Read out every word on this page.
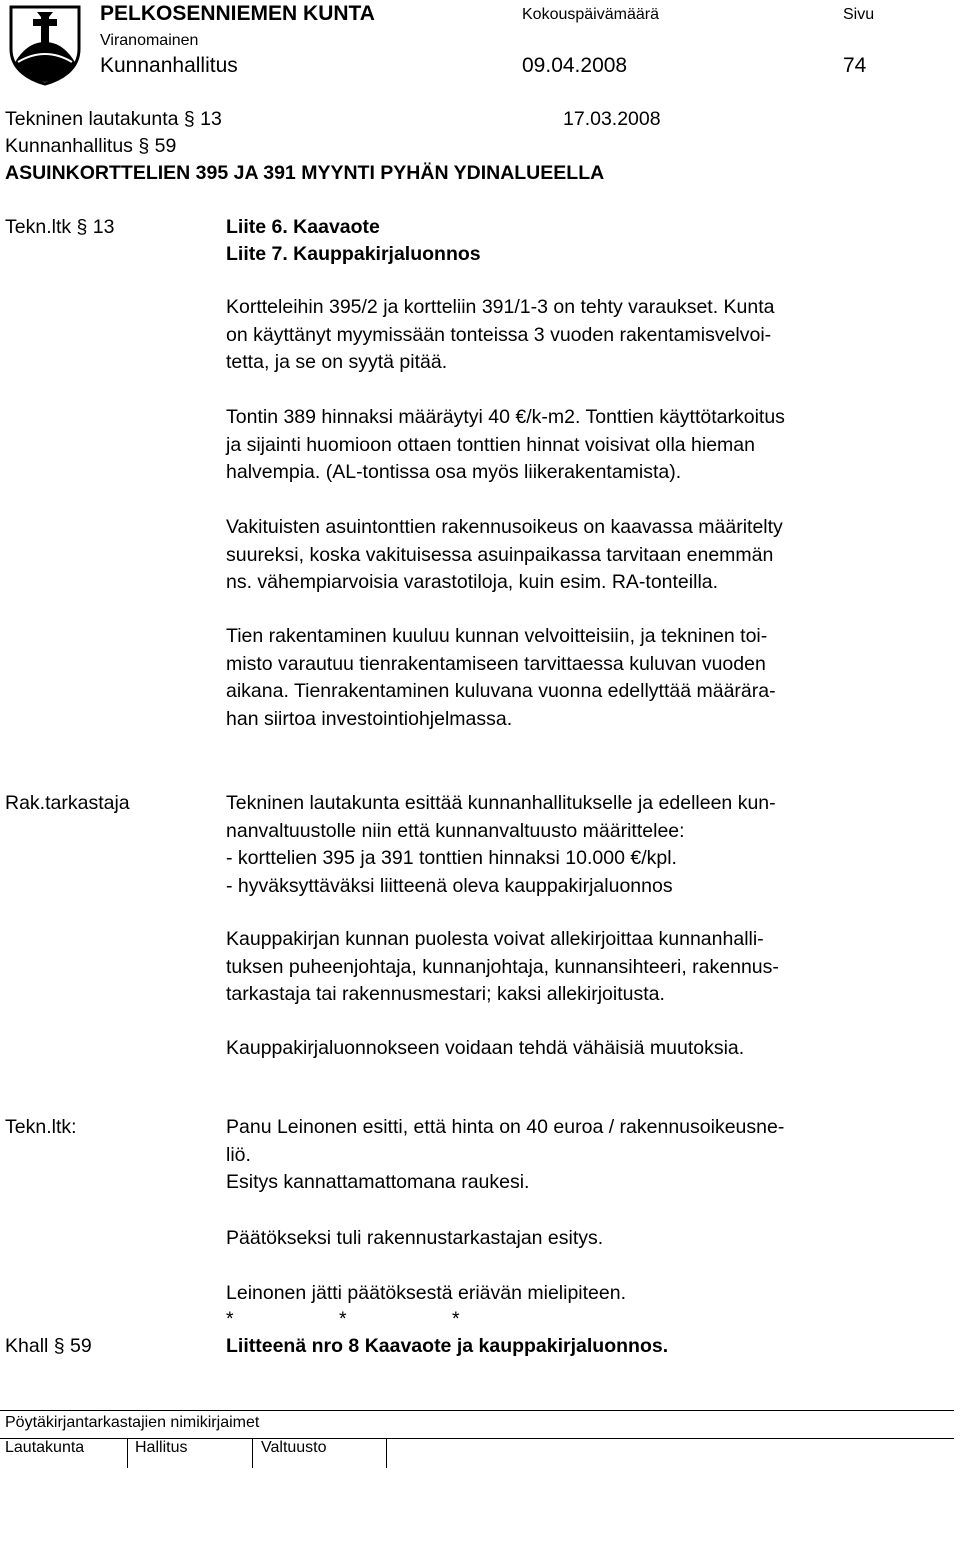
PELKOSENNIEMEN KUNTA
Viranomainen
Kunnanhallitus
Kokouspäivämäärä
09.04.2008
Sivu
74
Tekninen lautakunta § 13	17.03.2008
Kunnanhallitus § 59
ASUINKORTTELIEN 395 JA 391 MYYNTI PYHÄN YDINALUEELLA
Tekn.ltk § 13	Liite 6. Kaavaote
Liite 7. Kauppakirjaluonnos
Kortteleihin 395/2 ja kortteliin 391/1-3 on tehty varaukset. Kunta
on käyttänyt myymissään tonteissa 3 vuoden rakentamisvelvoi-
tetta, ja se on syytä pitää.
Tontin 389 hinnaksi määräytyi 40 €/k-m2. Tonttien käyttötarkoitus
ja sijainti huomioon ottaen tonttien hinnat voisivat olla hieman
halvempia. (AL-tontissa osa myös liikerakentamista).
Vakituisten asuintonttien rakennusoikeus on kaavassa määritelty
suureksi, koska vakituisessa asuinpaikassa tarvitaan enemmän
ns. vähempiarvoisia varastotiloja, kuin esim. RA-tonteilla.
Tien rakentaminen kuuluu kunnan velvoitteisiin, ja tekninen toi-
misto varautuu tienrakentamiseen tarvittaessa kuluvan vuoden
aikana. Tienrakentaminen kuluvana vuonna edellyttää määrära-
han siirtoa investointiohjelmassa.
Rak.tarkastaja	Tekninen lautakunta esittää kunnanhallitukselle ja edelleen kun-
nanvaltuustolle niin että kunnanvaltuusto määrittelee:
- korttelien 395 ja 391 tonttien hinnaksi 10.000 €/kpl.
- hyväksyttäväksi liitteenä oleva kauppakirjaluonnos
Kauppakirjan kunnan puolesta voivat allekirjoittaa kunnanhalli-
tuksen puheenjohtaja, kunnanjohtaja, kunnansihteeri, rakennus-
tarkastaja tai rakennusmestari; kaksi allekirjoitusta.
Kauppakirjaluonnokseen voidaan tehdä vähäisiä muutoksia.
Tekn.ltk:	Panu Leinonen esitti, että hinta on 40 euroa / rakennusoikeusne-
liö.
Esitys kannattamattomana raukesi.
Päätökseksi tuli rakennustarkastajan esitys.
Leinonen jätti päätöksestä eriävän mielipiteen.
*	*	*
Khall § 59	Liitteenä nro 8 Kaavaote ja kauppakirjaluonnos.
Pöytäkirjantarkastajien nimikirjaimet
Lautakunta	Hallitus	Valtuusto
